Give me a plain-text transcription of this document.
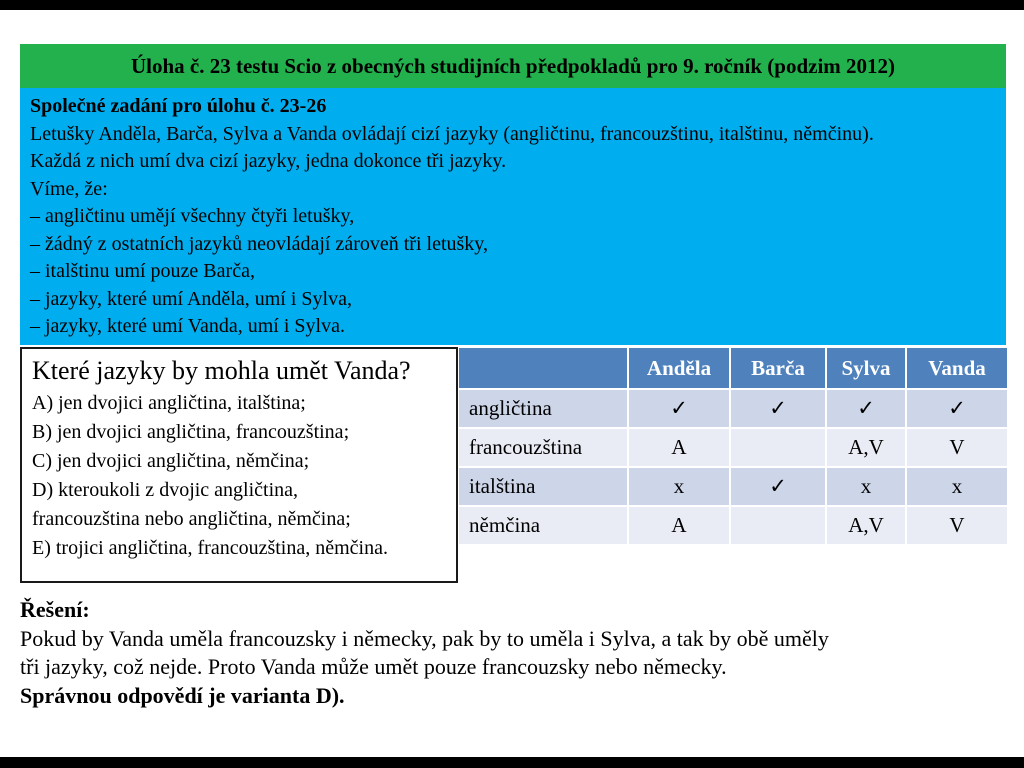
Úloha č. 23 testu Scio z obecných studijních předpokladů pro 9. ročník (podzim 2012)
Společné zadání pro úlohu č. 23-26
Letušky Anděla, Barča, Sylva a Vanda ovládají cizí jazyky (angličtinu, francouzštinu, italštinu, němčinu).
Každá z nich umí dva cizí jazyky, jedna dokonce tři jazyky.
Víme, že:
– angličtinu umějí všechny čtyři letušky,
– žádný z ostatních jazyků neovládají zároveň tři letušky,
– italštinu umí pouze Barča,
– jazyky, které umí Anděla, umí i Sylva,
– jazyky, které umí Vanda, umí i Sylva.
Které jazyky by mohla umět Vanda?
A) jen dvojici angličtina, italština;
B) jen dvojici angličtina, francouzština;
C) jen dvojici angličtina, němčina;
D) kteroukoli z dvojic angličtina,
francouzština nebo angličtina, němčina;
E) trojici angličtina, francouzština, němčina.
	Anděla	Barča	Sylva	Vanda
angličtina	✓	✓	✓	✓
francouzština	A		A,V	V
italština	x	✓	x	x
němčina	A		A,V	V
Řešení:
Pokud by Vanda uměla francouzsky i německy, pak by to uměla i Sylva, a tak by obě uměly
tři jazyky, což nejde. Proto Vanda může umět pouze francouzsky nebo německy.
Správnou odpovědí je varianta D).
